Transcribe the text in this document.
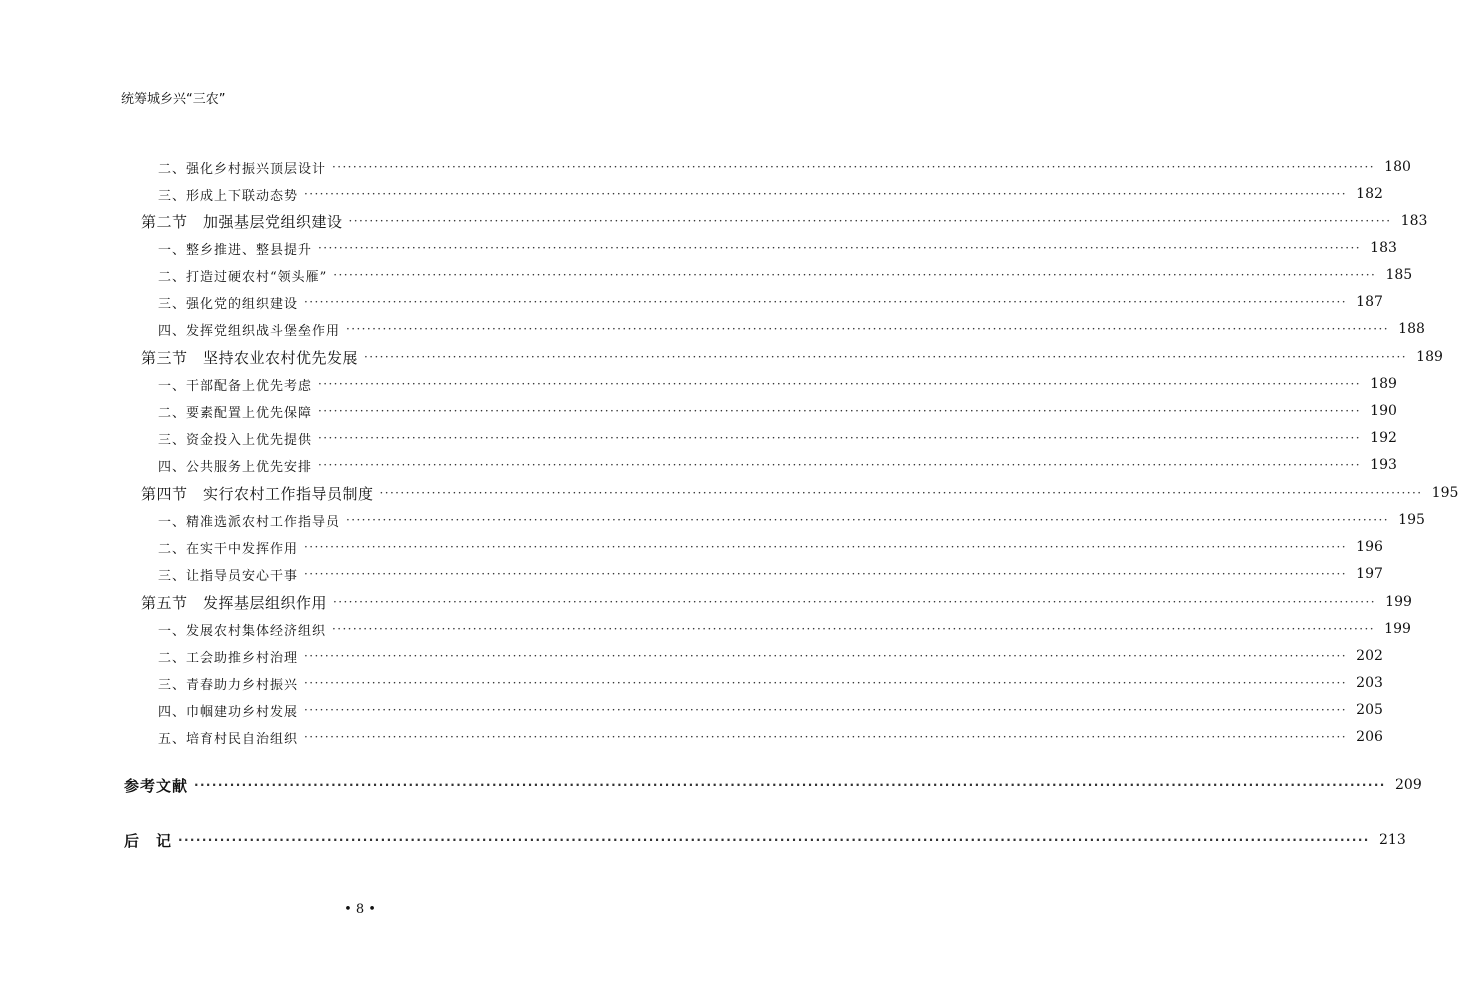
统筹城乡兴“三农”
二、强化乡村振兴顶层设计 ········································································································································································································ 180
三、形成上下联动态势 ········································································································································································································ 182
第二节　加强基层党组织建设 ········································································································································································································ 183
一、整乡推进、整县提升 ········································································································································································································ 183
二、打造过硬农村“领头雁” ········································································································································································································ 185
三、强化党的组织建设 ········································································································································································································ 187
四、发挥党组织战斗堡垒作用 ········································································································································································································ 188
第三节　坚持农业农村优先发展 ········································································································································································································ 189
一、干部配备上优先考虑 ········································································································································································································ 189
二、要素配置上优先保障 ········································································································································································································ 190
三、资金投入上优先提供 ········································································································································································································ 192
四、公共服务上优先安排 ········································································································································································································ 193
第四节　实行农村工作指导员制度 ········································································································································································································ 195
一、精准选派农村工作指导员 ········································································································································································································ 195
二、在实干中发挥作用 ········································································································································································································ 196
三、让指导员安心干事 ········································································································································································································ 197
第五节　发挥基层组织作用 ········································································································································································································ 199
一、发展农村集体经济组织 ········································································································································································································ 199
二、工会助推乡村治理 ········································································································································································································ 202
三、青春助力乡村振兴 ········································································································································································································ 203
四、巾帼建功乡村发展 ········································································································································································································ 205
五、培育村民自治组织 ········································································································································································································ 206
参考文献 ········································································································································································································ 209
后　记 ········································································································································································································ 213
• 8 •
